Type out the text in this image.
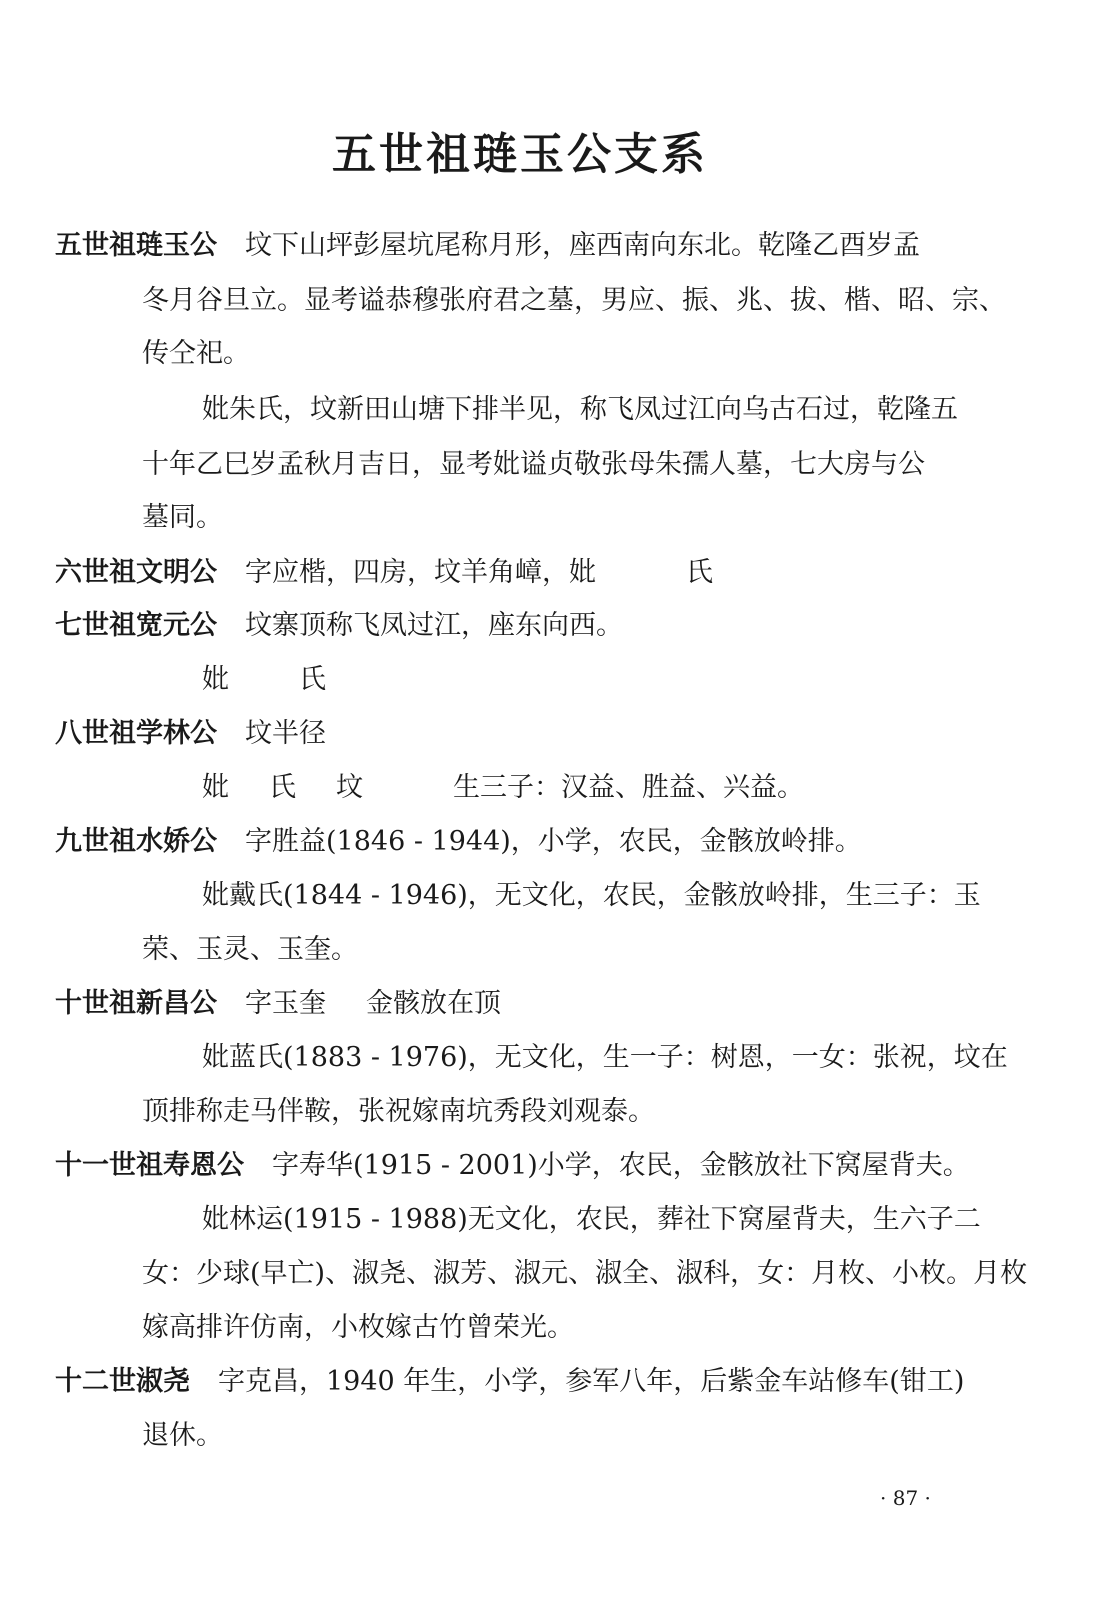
五世祖琏玉公支系
五世祖琏玉公 坟下山坪彭屋坑尾称月形，座西南向东北。乾隆乙酉岁孟
冬月谷旦立。显考谥恭穆张府君之墓，男应、振、兆、拔、楷、昭、宗、
传仝祀。
妣朱氏，坟新田山塘下排半见，称飞凤过江向乌古石过，乾隆五
十年乙巳岁孟秋月吉日，显考妣谥贞敬张母朱孺人墓，七大房与公
墓同。
六世祖文明公 字应楷，四房，坟羊角嶂，妣	氏
七世祖宽元公 坟寨顶称飞凤过江，座东向西。
妣	氏
八世祖学林公 坟半径
妣 氏 坟	生三子：汉益、胜益、兴益。
九世祖水娇公 字胜益(1846 - 1944)，小学，农民，金骸放岭排。
妣戴氏(1844 - 1946)，无文化，农民，金骸放岭排，生三子：玉
荣、玉灵、玉奎。
十世祖新昌公 字玉奎 金骸放在顶
妣蓝氏(1883 - 1976)，无文化，生一子：树恩，一女：张祝，坟在
顶排称走马伴鞍，张祝嫁南坑秀段刘观泰。
十一世祖寿恩公 字寿华(1915 - 2001)小学，农民，金骸放社下窝屋背夫。
妣林运(1915 - 1988)无文化，农民，葬社下窝屋背夫，生六子二
女：少球(早亡)、淑尧、淑芳、淑元、淑全、淑科，女：月枚、小枚。月枚
嫁高排许仿南，小枚嫁古竹曾荣光。
十二世淑尧 字克昌，1940 年生，小学，参军八年，后紫金车站修车(钳工)
退休。
· 87 ·
